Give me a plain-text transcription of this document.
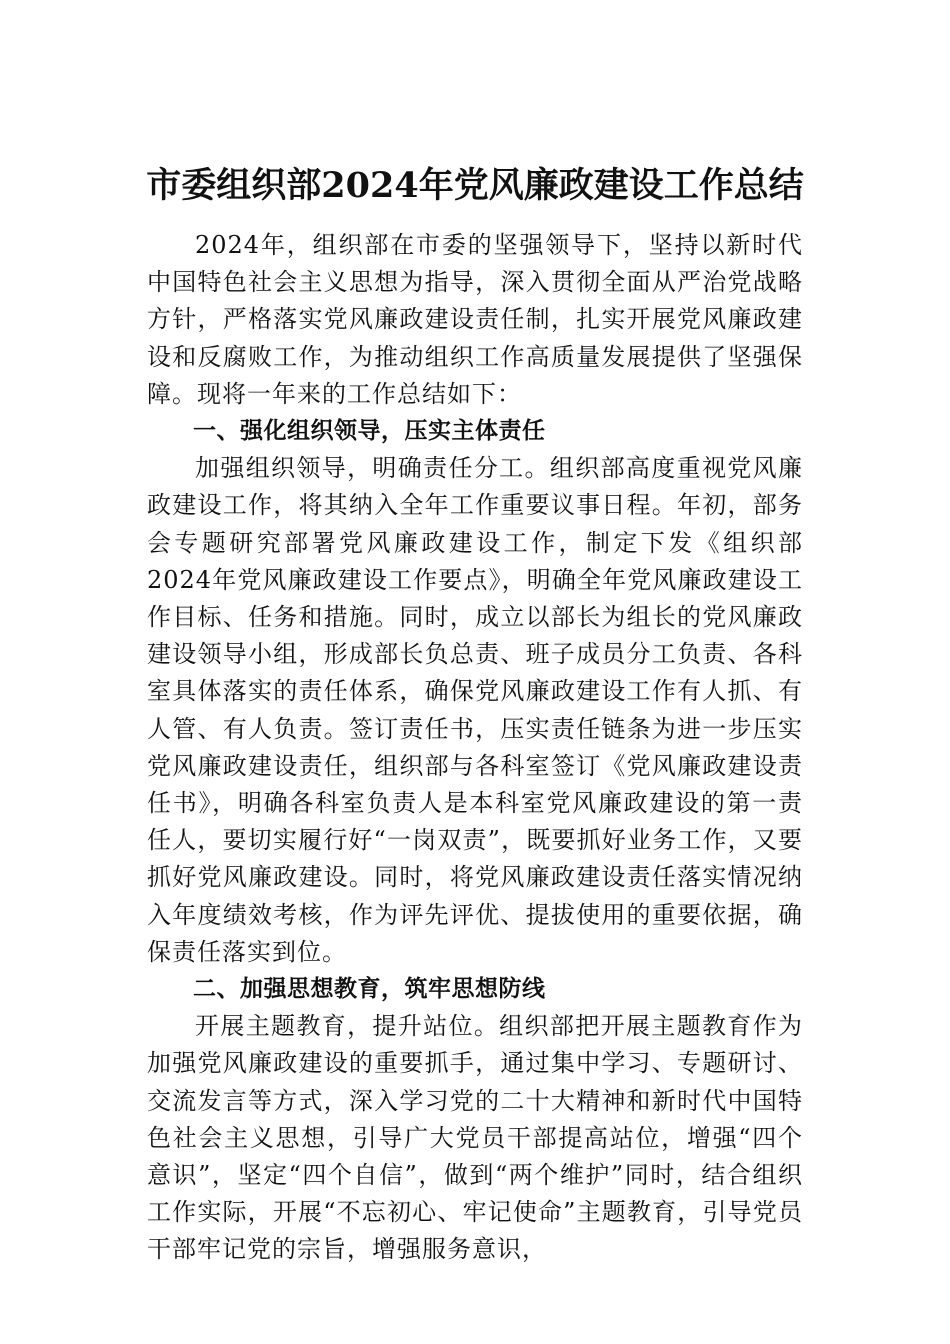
市委组织部2024年党风廉政建设工作总结

2024年，组织部在市委的坚强领导下，坚持以新时代中国特色社会主义思想为指导，深入贯彻全面从严治党战略方针，严格落实党风廉政建设责任制，扎实开展党风廉政建设和反腐败工作，为推动组织工作高质量发展提供了坚强保障。现将一年来的工作总结如下：

一、强化组织领导，压实主体责任

加强组织领导，明确责任分工。组织部高度重视党风廉政建设工作，将其纳入全年工作重要议事日程。年初，部务会专题研究部署党风廉政建设工作，制定下发《组织部2024年党风廉政建设工作要点》，明确全年党风廉政建设工作目标、任务和措施。同时，成立以部长为组长的党风廉政建设领导小组，形成部长负总责、班子成员分工负责、各科室具体落实的责任体系，确保党风廉政建设工作有人抓、有人管、有人负责。签订责任书，压实责任链条为进一步压实党风廉政建设责任，组织部与各科室签订《党风廉政建设责任书》，明确各科室负责人是本科室党风廉政建设的第一责任人，要切实履行好“一岗双责”，既要抓好业务工作，又要抓好党风廉政建设。同时，将党风廉政建设责任落实情况纳入年度绩效考核，作为评先评优、提拔使用的重要依据，确保责任落实到位。

二、加强思想教育，筑牢思想防线

开展主题教育，提升站位。组织部把开展主题教育作为加强党风廉政建设的重要抓手，通过集中学习、专题研讨、交流发言等方式，深入学习党的二十大精神和新时代中国特色社会主义思想，引导广大党员干部提高站位，增强“四个意识”，坚定“四个自信”，做到“两个维护”同时，结合组织工作实际，开展“不忘初心、牢记使命”主题教育，引导党员干部牢记党的宗旨，增强服务意识，
